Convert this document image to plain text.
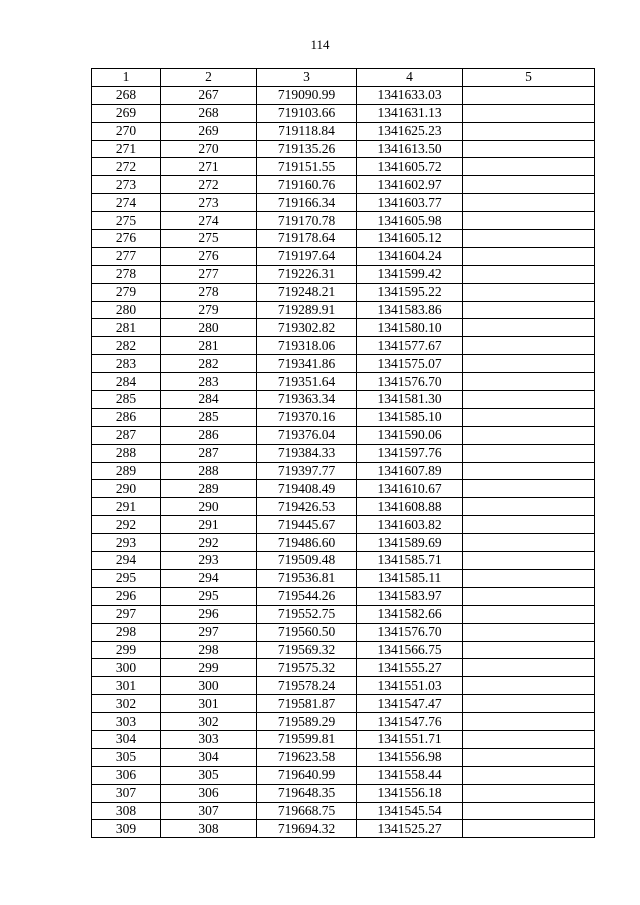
114
1	2	3	4	5
268	267	719090.99	1341633.03	
269	268	719103.66	1341631.13	
270	269	719118.84	1341625.23	
271	270	719135.26	1341613.50	
272	271	719151.55	1341605.72	
273	272	719160.76	1341602.97	
274	273	719166.34	1341603.77	
275	274	719170.78	1341605.98	
276	275	719178.64	1341605.12	
277	276	719197.64	1341604.24	
278	277	719226.31	1341599.42	
279	278	719248.21	1341595.22	
280	279	719289.91	1341583.86	
281	280	719302.82	1341580.10	
282	281	719318.06	1341577.67	
283	282	719341.86	1341575.07	
284	283	719351.64	1341576.70	
285	284	719363.34	1341581.30	
286	285	719370.16	1341585.10	
287	286	719376.04	1341590.06	
288	287	719384.33	1341597.76	
289	288	719397.77	1341607.89	
290	289	719408.49	1341610.67	
291	290	719426.53	1341608.88	
292	291	719445.67	1341603.82	
293	292	719486.60	1341589.69	
294	293	719509.48	1341585.71	
295	294	719536.81	1341585.11	
296	295	719544.26	1341583.97	
297	296	719552.75	1341582.66	
298	297	719560.50	1341576.70	
299	298	719569.32	1341566.75	
300	299	719575.32	1341555.27	
301	300	719578.24	1341551.03	
302	301	719581.87	1341547.47	
303	302	719589.29	1341547.76	
304	303	719599.81	1341551.71	
305	304	719623.58	1341556.98	
306	305	719640.99	1341558.44	
307	306	719648.35	1341556.18	
308	307	719668.75	1341545.54	
309	308	719694.32	1341525.27	
